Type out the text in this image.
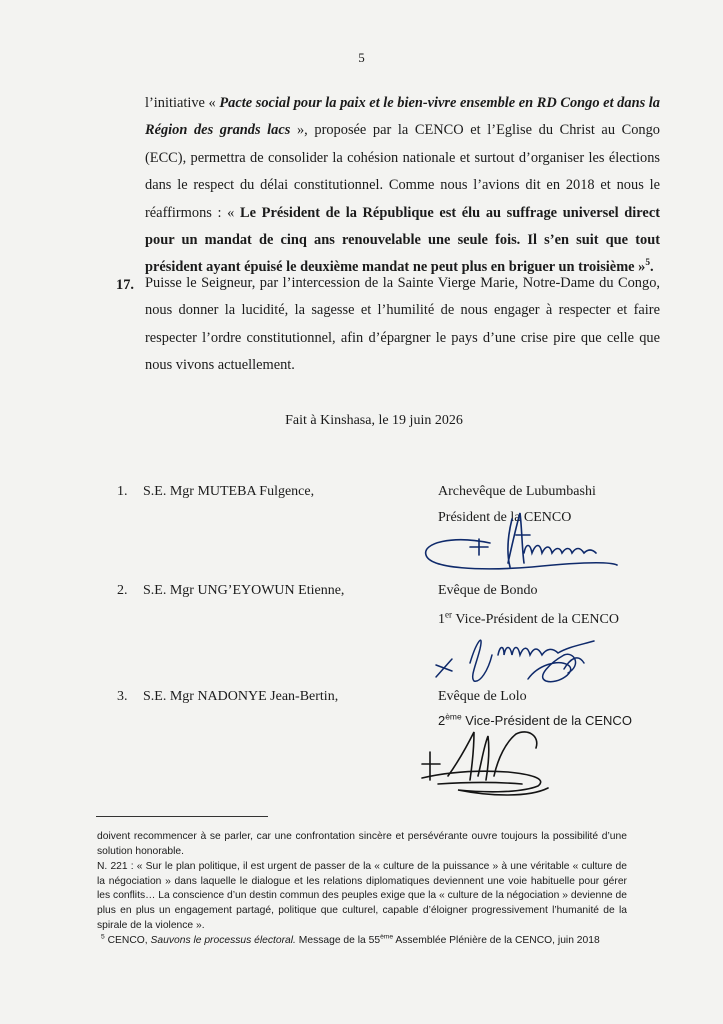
5
l’initiative « Pacte social pour la paix et le bien-vivre ensemble en RD Congo et dans la Région des grands lacs », proposée par la CENCO et l’Eglise du Christ au Congo (ECC), permettra de consolider la cohésion nationale et surtout d’organiser les élections dans le respect du délai constitutionnel. Comme nous l’avions dit en 2018 et nous le réaffirmons : « Le Président de la République est élu au suffrage universel direct pour un mandat de cinq ans renouvelable une seule fois. Il s’en suit que tout président ayant épuisé le deuxième mandat ne peut plus en briguer un troisième »$^5$.
17. Puisse le Seigneur, par l’intercession de la Sainte Vierge Marie, Notre-Dame du Congo, nous donner la lucidité, la sagesse et l’humilité de nous engager à respecter et faire respecter l’ordre constitutionnel, afin d’épargner le pays d’une crise pire que celle que nous vivons actuellement.
Fait à Kinshasa, le 19 juin 2026
1. S.E. Mgr MUTEBA Fulgence,	Archevêque de Lubumbashi
Président de la CENCO
2. S.E. Mgr UNG’EYOWUN Etienne,	Evêque de Bondo
1er Vice-Président de la CENCO
3. S.E. Mgr NADONYE Jean-Bertin,	Evêque de Lolo
2ème Vice-Président de la CENCO
doivent recommencer à se parler, car une confrontation sincère et persévérante ouvre toujours la possibilité d’une solution honorable.
N. 221 : « Sur le plan politique, il est urgent de passer de la « culture de la puissance » à une véritable « culture de la négociation » dans laquelle le dialogue et les relations diplomatiques deviennent une voie habituelle pour gérer les conflits… La conscience d’un destin commun des peuples exige que la « culture de la négociation » devienne de plus en plus un engagement partagé, politique que culturel, capable d’éloigner progressivement l’humanité de la spirale de la violence ».
$^5$ CENCO, Sauvons le processus électoral. Message de la 55ème Assemblée Plénière de la CENCO, juin 2018
